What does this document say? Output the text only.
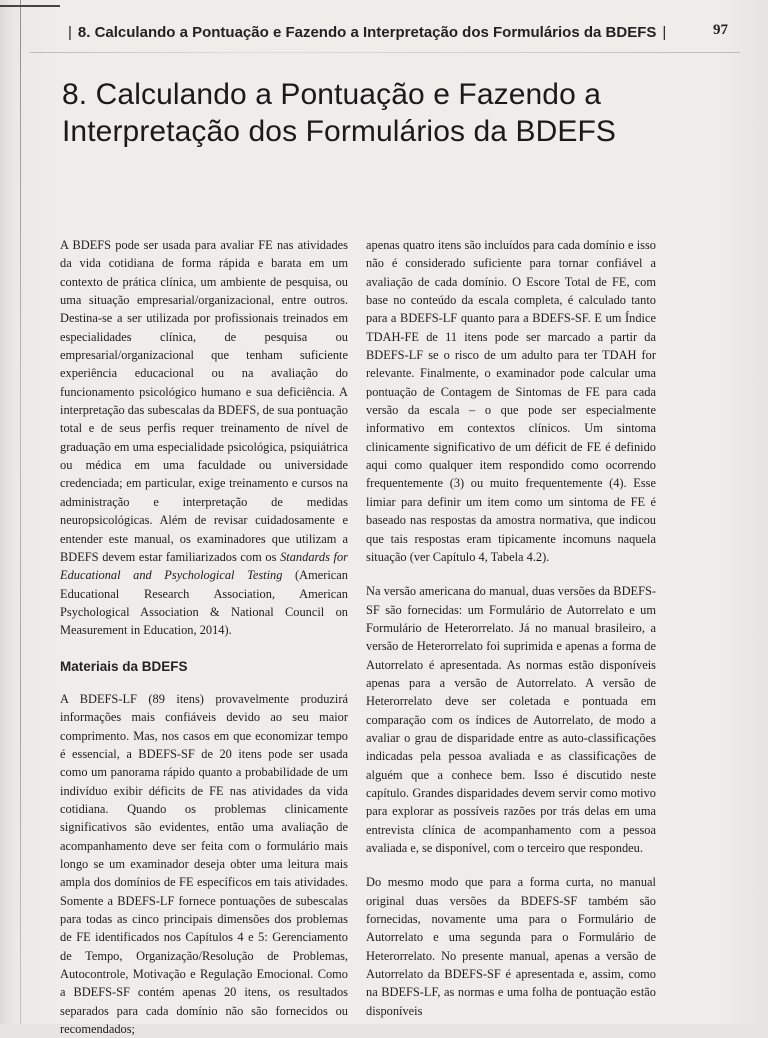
| 8. Calculando a Pontuação e Fazendo a Interpretação dos Formulários da BDEFS |	97
8. Calculando a Pontuação e Fazendo a
Interpretação dos Formulários da BDEFS

A BDEFS pode ser usada para avaliar FE nas atividades da vida cotidiana de forma rápida e barata em um contexto de prática clínica, um ambiente de pesquisa, ou uma situação empresarial/organizacional, entre outros. Destina-se a ser utilizada por profissionais treinados em especialidades clínica, de pesquisa ou empresarial/organizacional que tenham suficiente experiência educacional ou na avaliação do funcionamento psicológico humano e sua deficiência. A interpretação das subescalas da BDEFS, de sua pontuação total e de seus perfis requer treinamento de nível de graduação em uma especialidade psicológica, psiquiátrica ou médica em uma faculdade ou universidade credenciada; em particular, exige treinamento e cursos na administração e interpretação de medidas neuropsicológicas. Além de revisar cuidadosamente e entender este manual, os examinadores que utilizam a BDEFS devem estar familiarizados com os Standards for Educational and Psychological Testing (American Educational Research Association, American Psychological Association & National Council on Measurement in Education, 2014).

Materiais da BDEFS

A BDEFS-LF (89 itens) provavelmente produzirá informações mais confiáveis devido ao seu maior comprimento. Mas, nos casos em que economizar tempo é essencial, a BDEFS-SF de 20 itens pode ser usada como um panorama rápido quanto a probabilidade de um indivíduo exibir déficits de FE nas atividades da vida cotidiana. Quando os problemas clinicamente significativos são evidentes, então uma avaliação de acompanhamento deve ser feita com o formulário mais longo se um examinador deseja obter uma leitura mais ampla dos domínios de FE específicos em tais atividades. Somente a BDEFS-LF fornece pontuações de subescalas para todas as cinco principais dimensões dos problemas de FE identificados nos Capítulos 4 e 5: Gerenciamento de Tempo, Organização/Resolução de Problemas, Autocontrole, Motivação e Regulação Emocional. Como a BDEFS-SF contém apenas 20 itens, os resultados separados para cada domínio não são fornecidos ou recomendados;

apenas quatro itens são incluídos para cada domínio e isso não é considerado suficiente para tornar confiável a avaliação de cada domínio. O Escore Total de FE, com base no conteúdo da escala completa, é calculado tanto para a BDEFS-LF quanto para a BDEFS-SF. E um Índice TDAH-FE de 11 itens pode ser marcado a partir da BDEFS-LF se o risco de um adulto para ter TDAH for relevante. Finalmente, o examinador pode calcular uma pontuação de Contagem de Sintomas de FE para cada versão da escala – o que pode ser especialmente informativo em contextos clínicos. Um sintoma clinicamente significativo de um déficit de FE é definido aqui como qualquer item respondido como ocorrendo frequentemente (3) ou muito frequentemente (4). Esse limiar para definir um item como um sintoma de FE é baseado nas respostas da amostra normativa, que indicou que tais respostas eram tipicamente incomuns naquela situação (ver Capítulo 4, Tabela 4.2).

Na versão americana do manual, duas versões da BDEFS-SF são fornecidas: um Formulário de Autorrelato e um Formulário de Heterorrelato. Já no manual brasileiro, a versão de Heterorrelato foi suprimida e apenas a forma de Autorrelato é apresentada. As normas estão disponíveis apenas para a versão de Autorrelato. A versão de Heterorrelato deve ser coletada e pontuada em comparação com os índices de Autorrelato, de modo a avaliar o grau de disparidade entre as auto-classificações indicadas pela pessoa avaliada e as classificações de alguém que a conhece bem. Isso é discutido neste capítulo. Grandes disparidades devem servir como motivo para explorar as possíveis razões por trás delas em uma entrevista clínica de acompanhamento com a pessoa avaliada e, se disponível, com o terceiro que respondeu.

Do mesmo modo que para a forma curta, no manual original duas versões da BDEFS-SF também são fornecidas, novamente uma para o Formulário de Autorrelato e uma segunda para o Formulário de Heterorrelato. No presente manual, apenas a versão de Autorrelato da BDEFS-SF é apresentada e, assim, como na BDEFS-LF, as normas e uma folha de pontuação estão disponíveis
